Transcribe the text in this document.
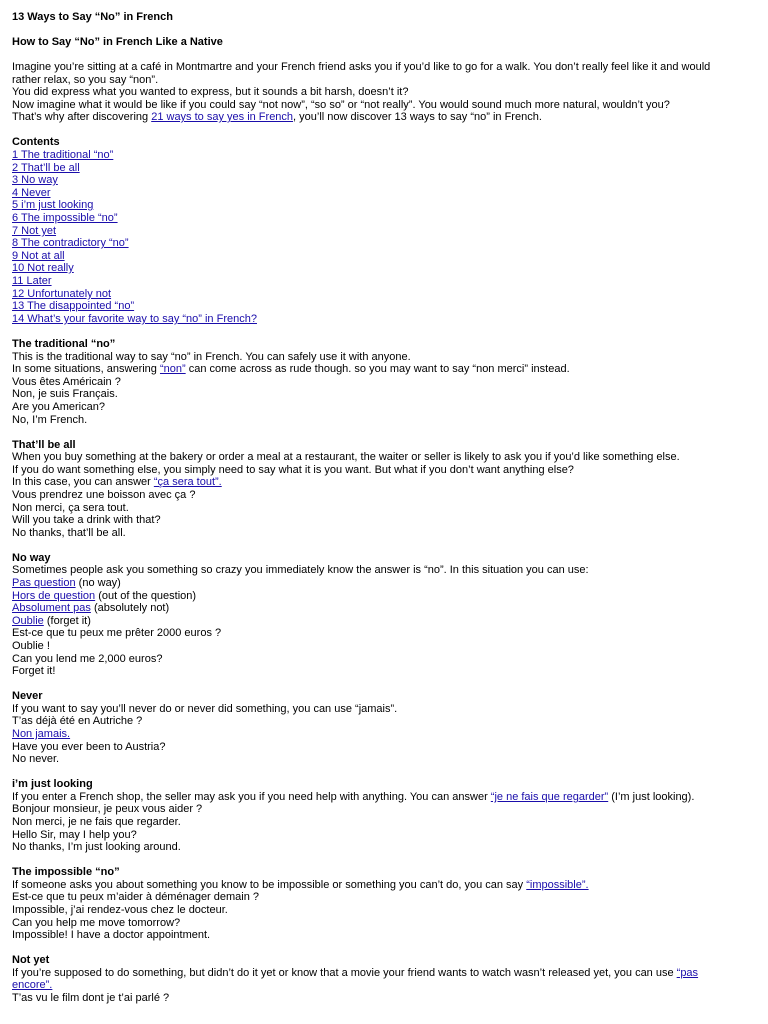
13 Ways to Say “No” in French
How to Say “No” in French Like a Native
Imagine you’re sitting at a café in Montmartre and your French friend asks you if you’d like to go for a walk. You don’t really feel like it and would
rather relax, so you say “non”.
You did express what you wanted to express, but it sounds a bit harsh, doesn’t it?
Now imagine what it would be like if you could say “not now”, “so so” or “not really”. You would sound much more natural, wouldn’t you?
That’s why after discovering 21 ways to say yes in French, you’ll now discover 13 ways to say “no” in French.
Contents
1 The traditional “no”
2 That’ll be all
3 No way
4 Never
5 i’m just looking
6 The impossible “no”
7 Not yet
8 The contradictory “no”
9 Not at all
10 Not really
11 Later
12 Unfortunately not
13 The disappointed “no”
14 What’s your favorite way to say “no” in French?
The traditional “no”
This is the traditional way to say “no” in French. You can safely use it with anyone.
In some situations, answering “non” can come across as rude though. so you may want to say “non merci” instead.
Vous êtes Américain ?
Non, je suis Français.
Are you American?
No, I’m French.
That’ll be all
When you buy something at the bakery or order a meal at a restaurant, the waiter or seller is likely to ask you if you’d like something else.
If you do want something else, you simply need to say what it is you want. But what if you don’t want anything else?
In this case, you can answer “ça sera tout”.
Vous prendrez une boisson avec ça ?
Non merci, ça sera tout.
Will you take a drink with that?
No thanks, that’ll be all.
No way
Sometimes people ask you something so crazy you immediately know the answer is “no”. In this situation you can use:
Pas question (no way)
Hors de question (out of the question)
Absolument pas (absolutely not)
Oublie (forget it)
Est-ce que tu peux me prêter 2000 euros ?
Oublie !
Can you lend me 2,000 euros?
Forget it!
Never
If you want to say you’ll never do or never did something, you can use “jamais”.
T’as déjà été en Autriche ?
Non jamais.
Have you ever been to Austria?
No never.
i’m just looking
If you enter a French shop, the seller may ask you if you need help with anything. You can answer “je ne fais que regarder” (I’m just looking).
Bonjour monsieur, je peux vous aider ?
Non merci, je ne fais que regarder.
Hello Sir, may I help you?
No thanks, I’m just looking around.
The impossible “no”
If someone asks you about something you know to be impossible or something you can’t do, you can say “impossible”.
Est-ce que tu peux m’aider à déménager demain ?
Impossible, j’ai rendez-vous chez le docteur.
Can you help me move tomorrow?
Impossible! I have a doctor appointment.
Not yet
If you’re supposed to do something, but didn’t do it yet or know that a movie your friend wants to watch wasn’t released yet, you can use “pas
encore”.
T’as vu le film dont je t’ai parlé ?
